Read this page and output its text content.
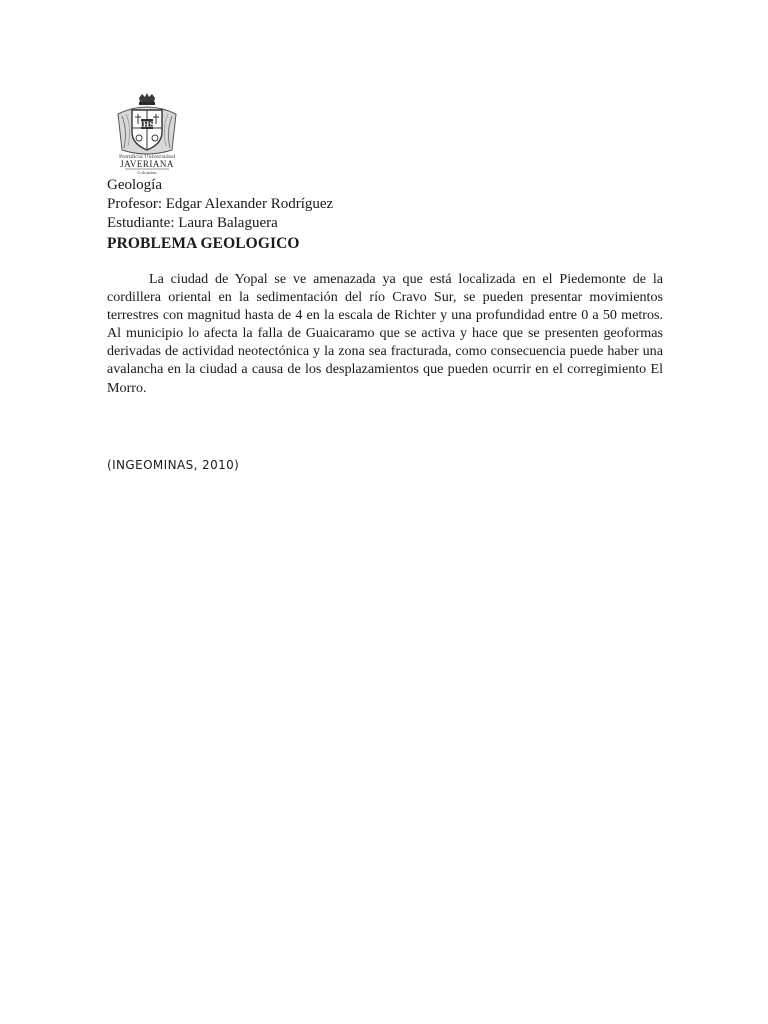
IHS
Pontificia Universidad
JAVERIANA
Colombia
Geología
Profesor: Edgar Alexander Rodríguez
Estudiante: Laura Balaguera
PROBLEMA GEOLOGICO

La ciudad de Yopal se ve amenazada ya que está localizada en el Piedemonte de la cordillera oriental en la sedimentación del río Cravo Sur, se pueden presentar movimientos terrestres con magnitud hasta de 4 en la escala de Richter y una profundidad entre 0 a 50 metros. Al municipio lo afecta la falla de Guaicaramo que se activa y hace que se presenten geoformas derivadas de actividad neotectónica y la zona sea fracturada, como consecuencia puede haber una avalancha en la ciudad a causa de los desplazamientos que pueden ocurrir en el corregimiento El Morro.

(INGEOMINAS, 2010)
